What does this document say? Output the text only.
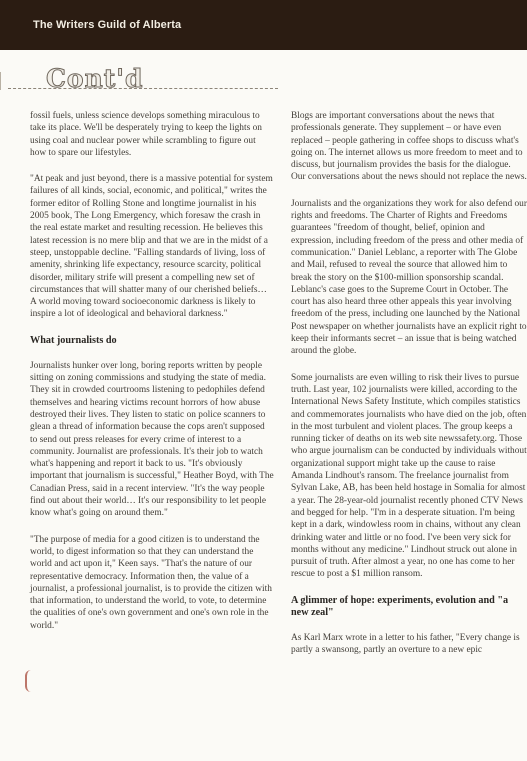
The Writers Guild of Alberta
Cont'd

fossil fuels, unless science develops something miraculous to take its place. We'll be desperately trying to keep the lights on using coal and nuclear power while scrambling to figure out how to spare our lifestyles.

"At peak and just beyond, there is a massive potential for system failures of all kinds, social, economic, and political," writes the former editor of Rolling Stone and longtime journalist in his 2005 book, The Long Emergency, which foresaw the crash in the real estate market and resulting recession. He believes this latest recession is no mere blip and that we are in the midst of a steep, unstoppable decline. "Falling standards of living, loss of amenity, shrinking life expectancy, resource scarcity, political disorder, military strife will present a compelling new set of circumstances that will shatter many of our cherished beliefs… A world moving toward socioeconomic darkness is likely to inspire a lot of ideological and behavioral darkness."

What journalists do

Journalists hunker over long, boring reports written by people sitting on zoning commissions and studying the state of media. They sit in crowded courtrooms listening to pedophiles defend themselves and hearing victims recount horrors of how abuse destroyed their lives. They listen to static on police scanners to glean a thread of information because the cops aren't supposed to send out press releases for every crime of interest to a community. Journalist are professionals. It's their job to watch what's happening and report it back to us. "It's obviously important that journalism is successful," Heather Boyd, with The Canadian Press, said in a recent interview. "It's the way people find out about their world… It's our responsibility to let people know what's going on around them."

"The purpose of media for a good citizen is to understand the world, to digest information so that they can understand the world and act upon it," Keen says. "That's the nature of our representative democracy. Information then, the value of a journalist, a professional journalist, is to provide the citizen with that information, to understand the world, to vote, to determine the qualities of one's own government and one's own role in the world."

Blogs are important conversations about the news that professionals generate. They supplement – or have even replaced – people gathering in coffee shops to discuss what's going on. The internet allows us more freedom to meet and to discuss, but journalism provides the basis for the dialogue. Our conversations about the news should not replace the news.

Journalists and the organizations they work for also defend our rights and freedoms. The Charter of Rights and Freedoms guarantees "freedom of thought, belief, opinion and expression, including freedom of the press and other media of communication." Daniel Leblanc, a reporter with The Globe and Mail, refused to reveal the source that allowed him to break the story on the $100-million sponsorship scandal. Leblanc's case goes to the Supreme Court in October. The court has also heard three other appeals this year involving freedom of the press, including one launched by the National Post newspaper on whether journalists have an explicit right to keep their informants secret – an issue that is being watched around the globe.

Some journalists are even willing to risk their lives to pursue truth. Last year, 102 journalists were killed, according to the International News Safety Institute, which compiles statistics and commemorates journalists who have died on the job, often in the most turbulent and violent places. The group keeps a running ticker of deaths on its web site newssafety.org. Those who argue journalism can be conducted by individuals without organizational support might take up the cause to raise Amanda Lindhout's ransom. The freelance journalist from Sylvan Lake, AB, has been held hostage in Somalia for almost a year. The 28-year-old journalist recently phoned CTV News and begged for help. "I'm in a desperate situation. I'm being kept in a dark, windowless room in chains, without any clean drinking water and little or no food. I've been very sick for months without any medicine." Lindhout struck out alone in pursuit of truth. After almost a year, no one has come to her rescue to post a $1 million ransom.

A glimmer of hope: experiments, evolution and "a new zeal"

As Karl Marx wrote in a letter to his father, "Every change is partly a swansong, partly an overture to a new epic
